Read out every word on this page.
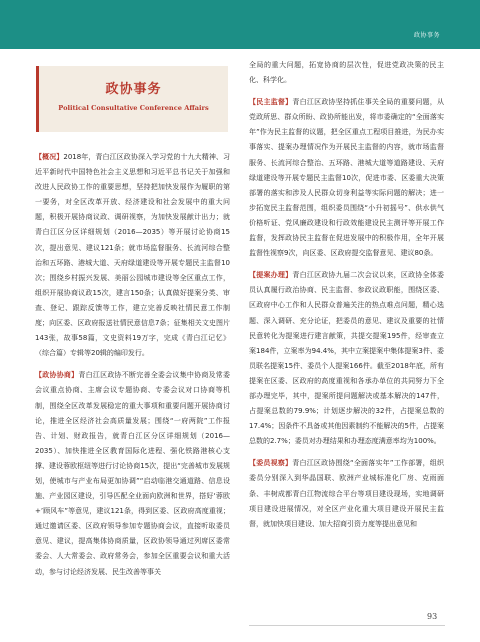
政协事务
政协事务
Political Consultative Conference Affairs

【概况】2018年，青白江区政协深入学习党的十九大精神、习近平新时代中国特色社会主义思想和习近平总书记关于加强和改进人民政协工作的重要思想，坚持把加快发展作为履职的第一要务，对全区改革开放、经济建设和社会发展中的重大问题，积极开展协商议政、调研视察，为加快发展献计出力；就青白江区分区详细规划（2016—2035）等开展讨论协商15次，提出意见、建议121条；就市场监督服务、长流河综合整治和五环路、港城大道、天府绿道建设等开展专题民主监督10次；围绕乡村振兴发展、美丽公园城市建设等全区重点工作，组织开展协商议政15次，建言150条；认真做好提案分类、审查、登记、跟踪反馈等工作，建立完善反映社情民意工作制度；向区委、区政府报送社情民意信息7条；征集相关文史图片143张，故事58篇，文史资料19万字，完成《青白江记忆》（综合篇）专辑等20辑的编印发行。

【政协协商】青白江区政协不断完善全委会议集中协商及常委会议重点协商、主席会议专题协商、专委会议对口协商等机制，围绕全区改革发展稳定的重大事项和重要问题开展协商讨论，推进全区经济社会高质量发展；围绕“一府两院”工作报告、计划、财政报告，就青白江区分区详细规划（2016—2035）、加快推进全区教育国际化进程、强化铁路港核心支撑、建设蓉欧枢纽等进行讨论协商15次，提出“完善城市发展规划，使城市与产业布局更加协调”“启动临港交通道路、信息设施、产业园区建设，引导匹配全业面向欧洲和世界，搭好‘蓉欧+’顾风车”等意见，建议121条，得到区委、区政府高度重视；通过邀请区委、区政府领导参加专题协商会议，直接听取委员意见、建议，提高集体协商质量，区政协领导通过列席区委常委会、人大常委会、政府常务会，参加全区重要会议和重大活动，参与讨论经济发展、民生改善等事关

全局的重大问题，拓宽协商的层次性，促进党政决策的民主化、科学化。

【民主监督】青白江区政协坚持抓住事关全局的重要问题，从党政所思、群众所盼、政协所能出发，将市委确定的“全面落实年”作为民主监督的议题，把全区重点工程项目推进，为民办实事落实、提案办理情况作为开展民主监督的内容，就市场监督服务、长流河综合整治、五环路、港城大道等道路建设、天府绿道建设等开展专题民主监督10次，促进市委、区委重大决策部署的落实和涉及人民群众切身利益等实际问题的解决；进一步拓宽民主监督范围，组织委员围绕“小升初摇号”、供水供气价格听证、党风廉政建设和行政效能建设民主测评等开展工作监督，发挥政协民主监督在促进发展中的积极作用，全年开展监督性视察9次，向区委、区政府提交监督意见、建议80条。

【提案办理】青白江区政协九届二次会议以来，区政协全体委员认真履行政治协商、民主监督、参政议政职能，围绕区委、区政府中心工作和人民群众普遍关注的热点难点问题，精心选题、深入调研、充分论证，把委员的意见、建议及重要的社情民意转化为提案进行建言献策，共提交提案195件，经审查立案184件，立案率为94.4%，其中立案提案中集体提案3件、委员联名提案15件、委员个人提案166件。截至2018年底，所有提案在区委、区政府的高度重视和各承办单位的共同努力下全部办理完毕，其中，提案所提问题解决或基本解决的147件，占提案总数的79.9%；计划逐步解决的32件，占提案总数的17.4%；因条件不具备或其他因素制约不能解决的5件，占提案总数的2.7%；委员对办理结果和办理态度满意率均为100%。

【委员视察】青白江区政协围绕“全面落实年”工作部署，组织委员分别深入到华晶国联、欧洲产业城标准化厂房、克雨面条、丰树成都青白江物流综合平台等项目建设现场，实地调研项目建设进展情况，对全区产业化重大项目建设开展民主监督，就加快项目建设、加大招商引资力度等提出意见和

93
